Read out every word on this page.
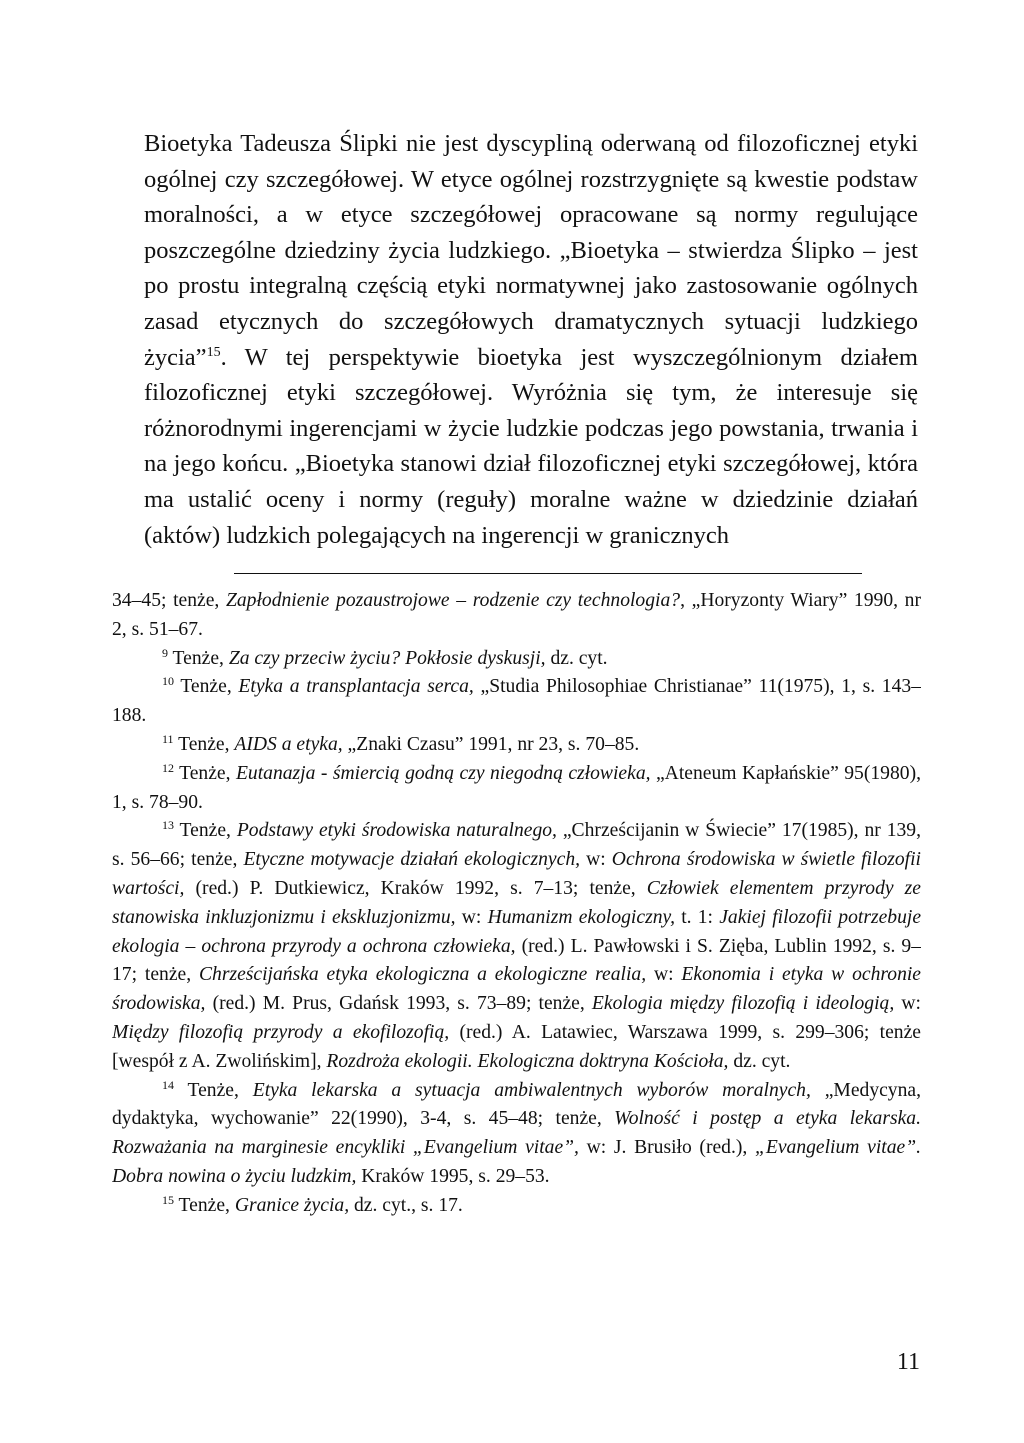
Bioetyka Tadeusza Ślipki nie jest dyscypliną oderwaną od filozoficznej etyki ogólnej czy szczegółowej. W etyce ogólnej rozstrzygnięte są kwestie podstaw moralności, a w etyce szczegółowej opracowane są normy regulujące poszczególne dziedziny życia ludzkiego. „Bioetyka – stwierdza Ślipko – jest po prostu integralną częścią etyki normatywnej jako zastosowanie ogólnych zasad etycznych do szczegółowych dramatycznych sytuacji ludzkiego życia”$^{15}$. W tej perspektywie bioetyka jest wyszczególnionym działem filozoficznej etyki szczegółowej. Wyróżnia się tym, że interesuje się różnorodnymi ingerencjami w życie ludzkie podczas jego powstania, trwania i na jego końcu. „Bioetyka stanowi dział filozoficznej etyki szczegółowej, która ma ustalić oceny i normy (reguły) moralne ważne w dziedzinie działań (aktów) ludzkich polegających na ingerencji w granicznych

34–45; tenże, Zapłodnienie pozaustrojowe – rodzenie czy technologia?, „Horyzonty Wiary” 1990, nr 2, s. 51–67.

$^9$ Tenże, Za czy przeciw życiu? Pokłosie dyskusji, dz. cyt.

$^{10}$ Tenże, Etyka a transplantacja serca, „Studia Philosophiae Christianae” 11(1975), 1, s. 143–188.

$^{11}$ Tenże, AIDS a etyka, „Znaki Czasu” 1991, nr 23, s. 70–85.

$^{12}$ Tenże, Eutanazja - śmiercią godną czy niegodną człowieka, „Ateneum Kapłańskie” 95(1980), 1, s. 78–90.

$^{13}$ Tenże, Podstawy etyki środowiska naturalnego, „Chrześcijanin w Świecie” 17(1985), nr 139, s. 56–66; tenże, Etyczne motywacje działań ekologicznych, w: Ochrona środowiska w świetle filozofii wartości, (red.) P. Dutkiewicz, Kraków 1992, s. 7–13; tenże, Człowiek elementem przyrody ze stanowiska inkluzjonizmu i ekskluzjonizmu, w: Humanizm ekologiczny, t. 1: Jakiej filozofii potrzebuje ekologia – ochrona przyrody a ochrona człowieka, (red.) L. Pawłowski i S. Zięba, Lublin 1992, s. 9–17; tenże, Chrześcijańska etyka ekologiczna a ekologiczne realia, w: Ekonomia i etyka w ochronie środowiska, (red.) M. Prus, Gdańsk 1993, s. 73–89; tenże, Ekologia między filozofią i ideologią, w: Między filozofią przyrody a ekofilozofią, (red.) A. Latawiec, Warszawa 1999, s. 299–306; tenże [wespół z A. Zwolińskim], Rozdroża ekologii. Ekologiczna doktryna Kościoła, dz. cyt.

$^{14}$ Tenże, Etyka lekarska a sytuacja ambiwalentnych wyborów moralnych, „Medycyna, dydaktyka, wychowanie” 22(1990), 3-4, s. 45–48; tenże, Wolność i postęp a etyka lekarska. Rozważania na marginesie encykliki „Evangelium vitae”, w: J. Brusiło (red.), „Evangelium vitae”. Dobra nowina o życiu ludzkim, Kraków 1995, s. 29–53.

$^{15}$ Tenże, Granice życia, dz. cyt., s. 17.

11
